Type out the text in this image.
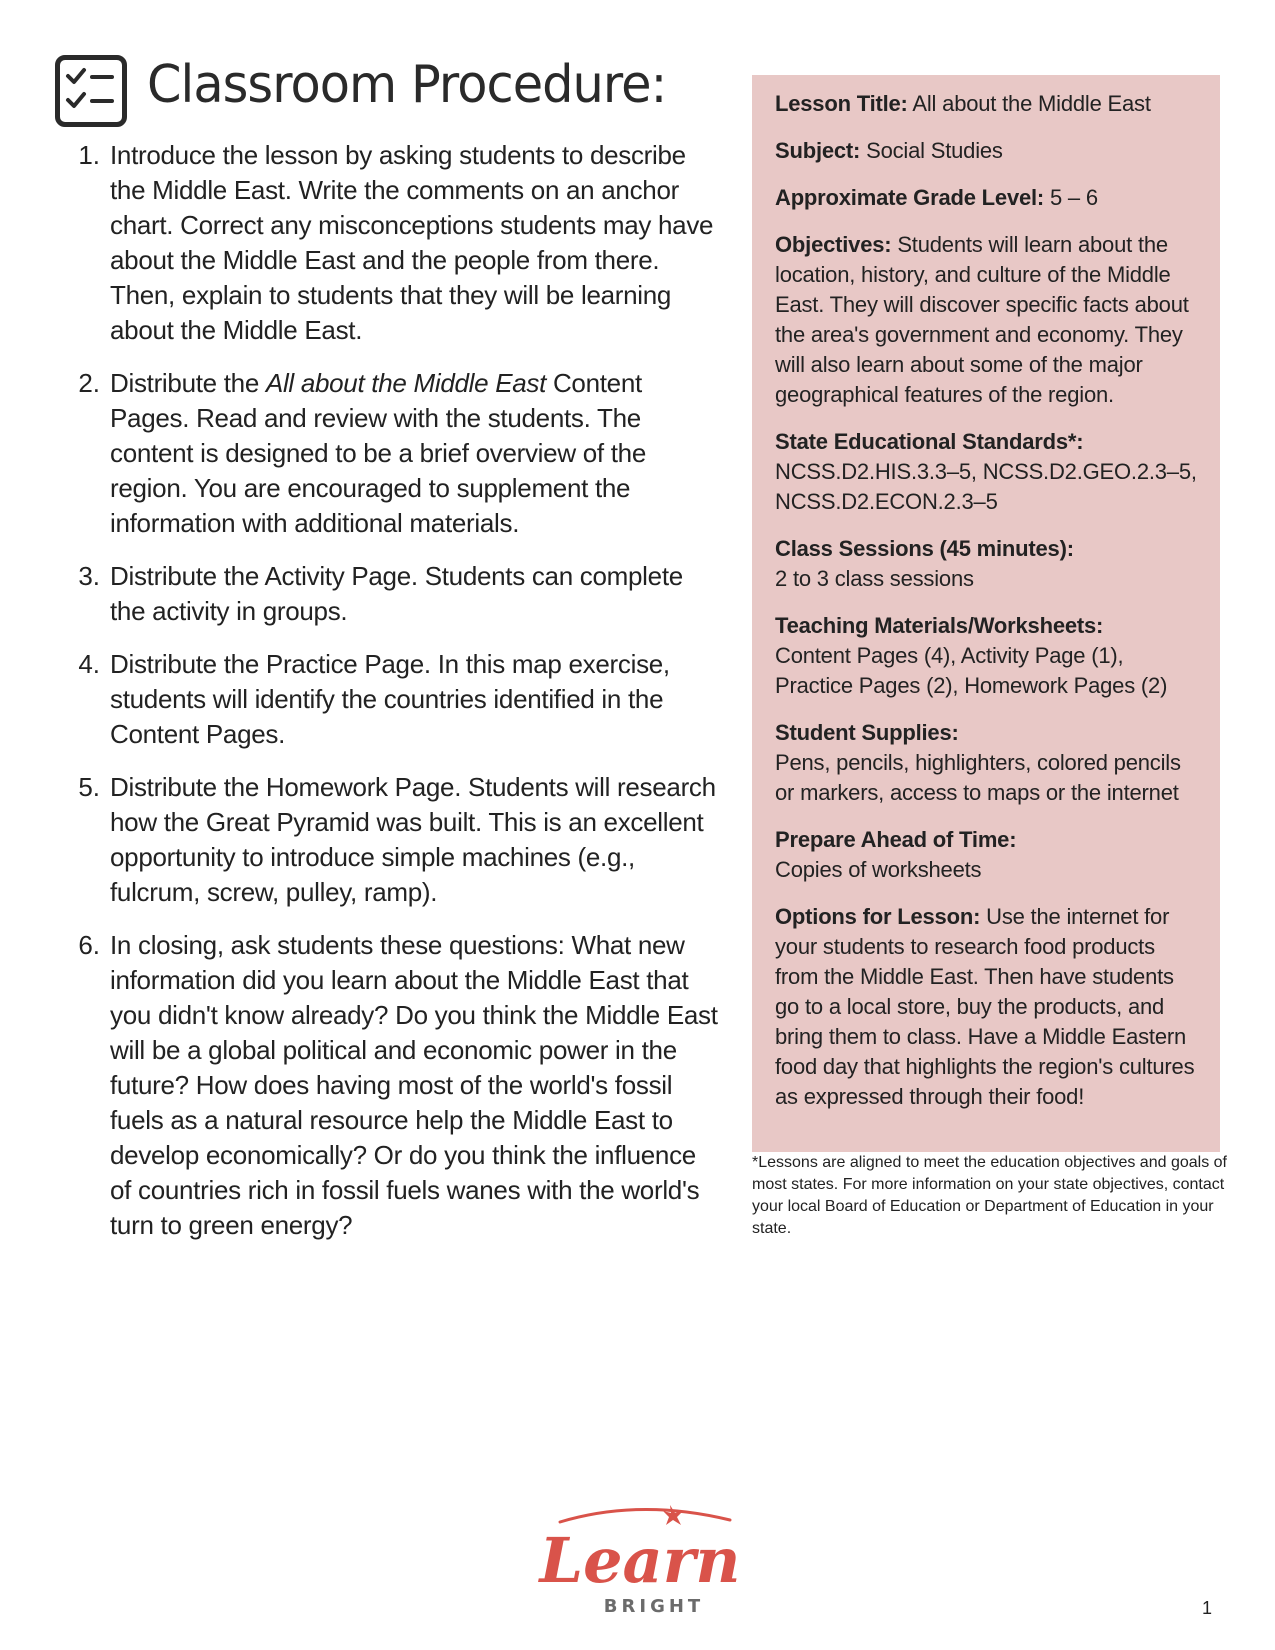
Classroom Procedure:
1. Introduce the lesson by asking students to describe the Middle East. Write the comments on an anchor chart. Correct any misconceptions students may have about the Middle East and the people from there. Then, explain to students that they will be learning about the Middle East.
2. Distribute the All about the Middle East Content Pages. Read and review with the students. The content is designed to be a brief overview of the region. You are encouraged to supplement the information with additional materials.
3. Distribute the Activity Page. Students can complete the activity in groups.
4. Distribute the Practice Page. In this map exercise, students will identify the countries identified in the Content Pages.
5. Distribute the Homework Page. Students will research how the Great Pyramid was built. This is an excellent opportunity to introduce simple machines (e.g., fulcrum, screw, pulley, ramp).
6. In closing, ask students these questions: What new information did you learn about the Middle East that you didn't know already? Do you think the Middle East will be a global political and economic power in the future? How does having most of the world's fossil fuels as a natural resource help the Middle East to develop economically? Or do you think the influence of countries rich in fossil fuels wanes with the world's turn to green energy?

Lesson Title: All about the Middle East

Subject: Social Studies

Approximate Grade Level: 5 – 6

Objectives: Students will learn about the location, history, and culture of the Middle East. They will discover specific facts about the area's government and economy. They will also learn about some of the major geographical features of the region.

State Educational Standards*:
NCSS.D2.HIS.3.3–5, NCSS.D2.GEO.2.3–5, NCSS.D2.ECON.2.3–5

Class Sessions (45 minutes):
2 to 3 class sessions

Teaching Materials/Worksheets:
Content Pages (4), Activity Page (1), Practice Pages (2), Homework Pages (2)

Student Supplies:
Pens, pencils, highlighters, colored pencils or markers, access to maps or the internet

Prepare Ahead of Time:
Copies of worksheets

Options for Lesson: Use the internet for your students to research food products from the Middle East. Then have students go to a local store, buy the products, and bring them to class. Have a Middle Eastern food day that highlights the region's cultures as expressed through their food!

*Lessons are aligned to meet the education objectives and goals of most states. For more information on your state objectives, contact your local Board of Education or Department of Education in your state.

Learn
BRIGHT	1
